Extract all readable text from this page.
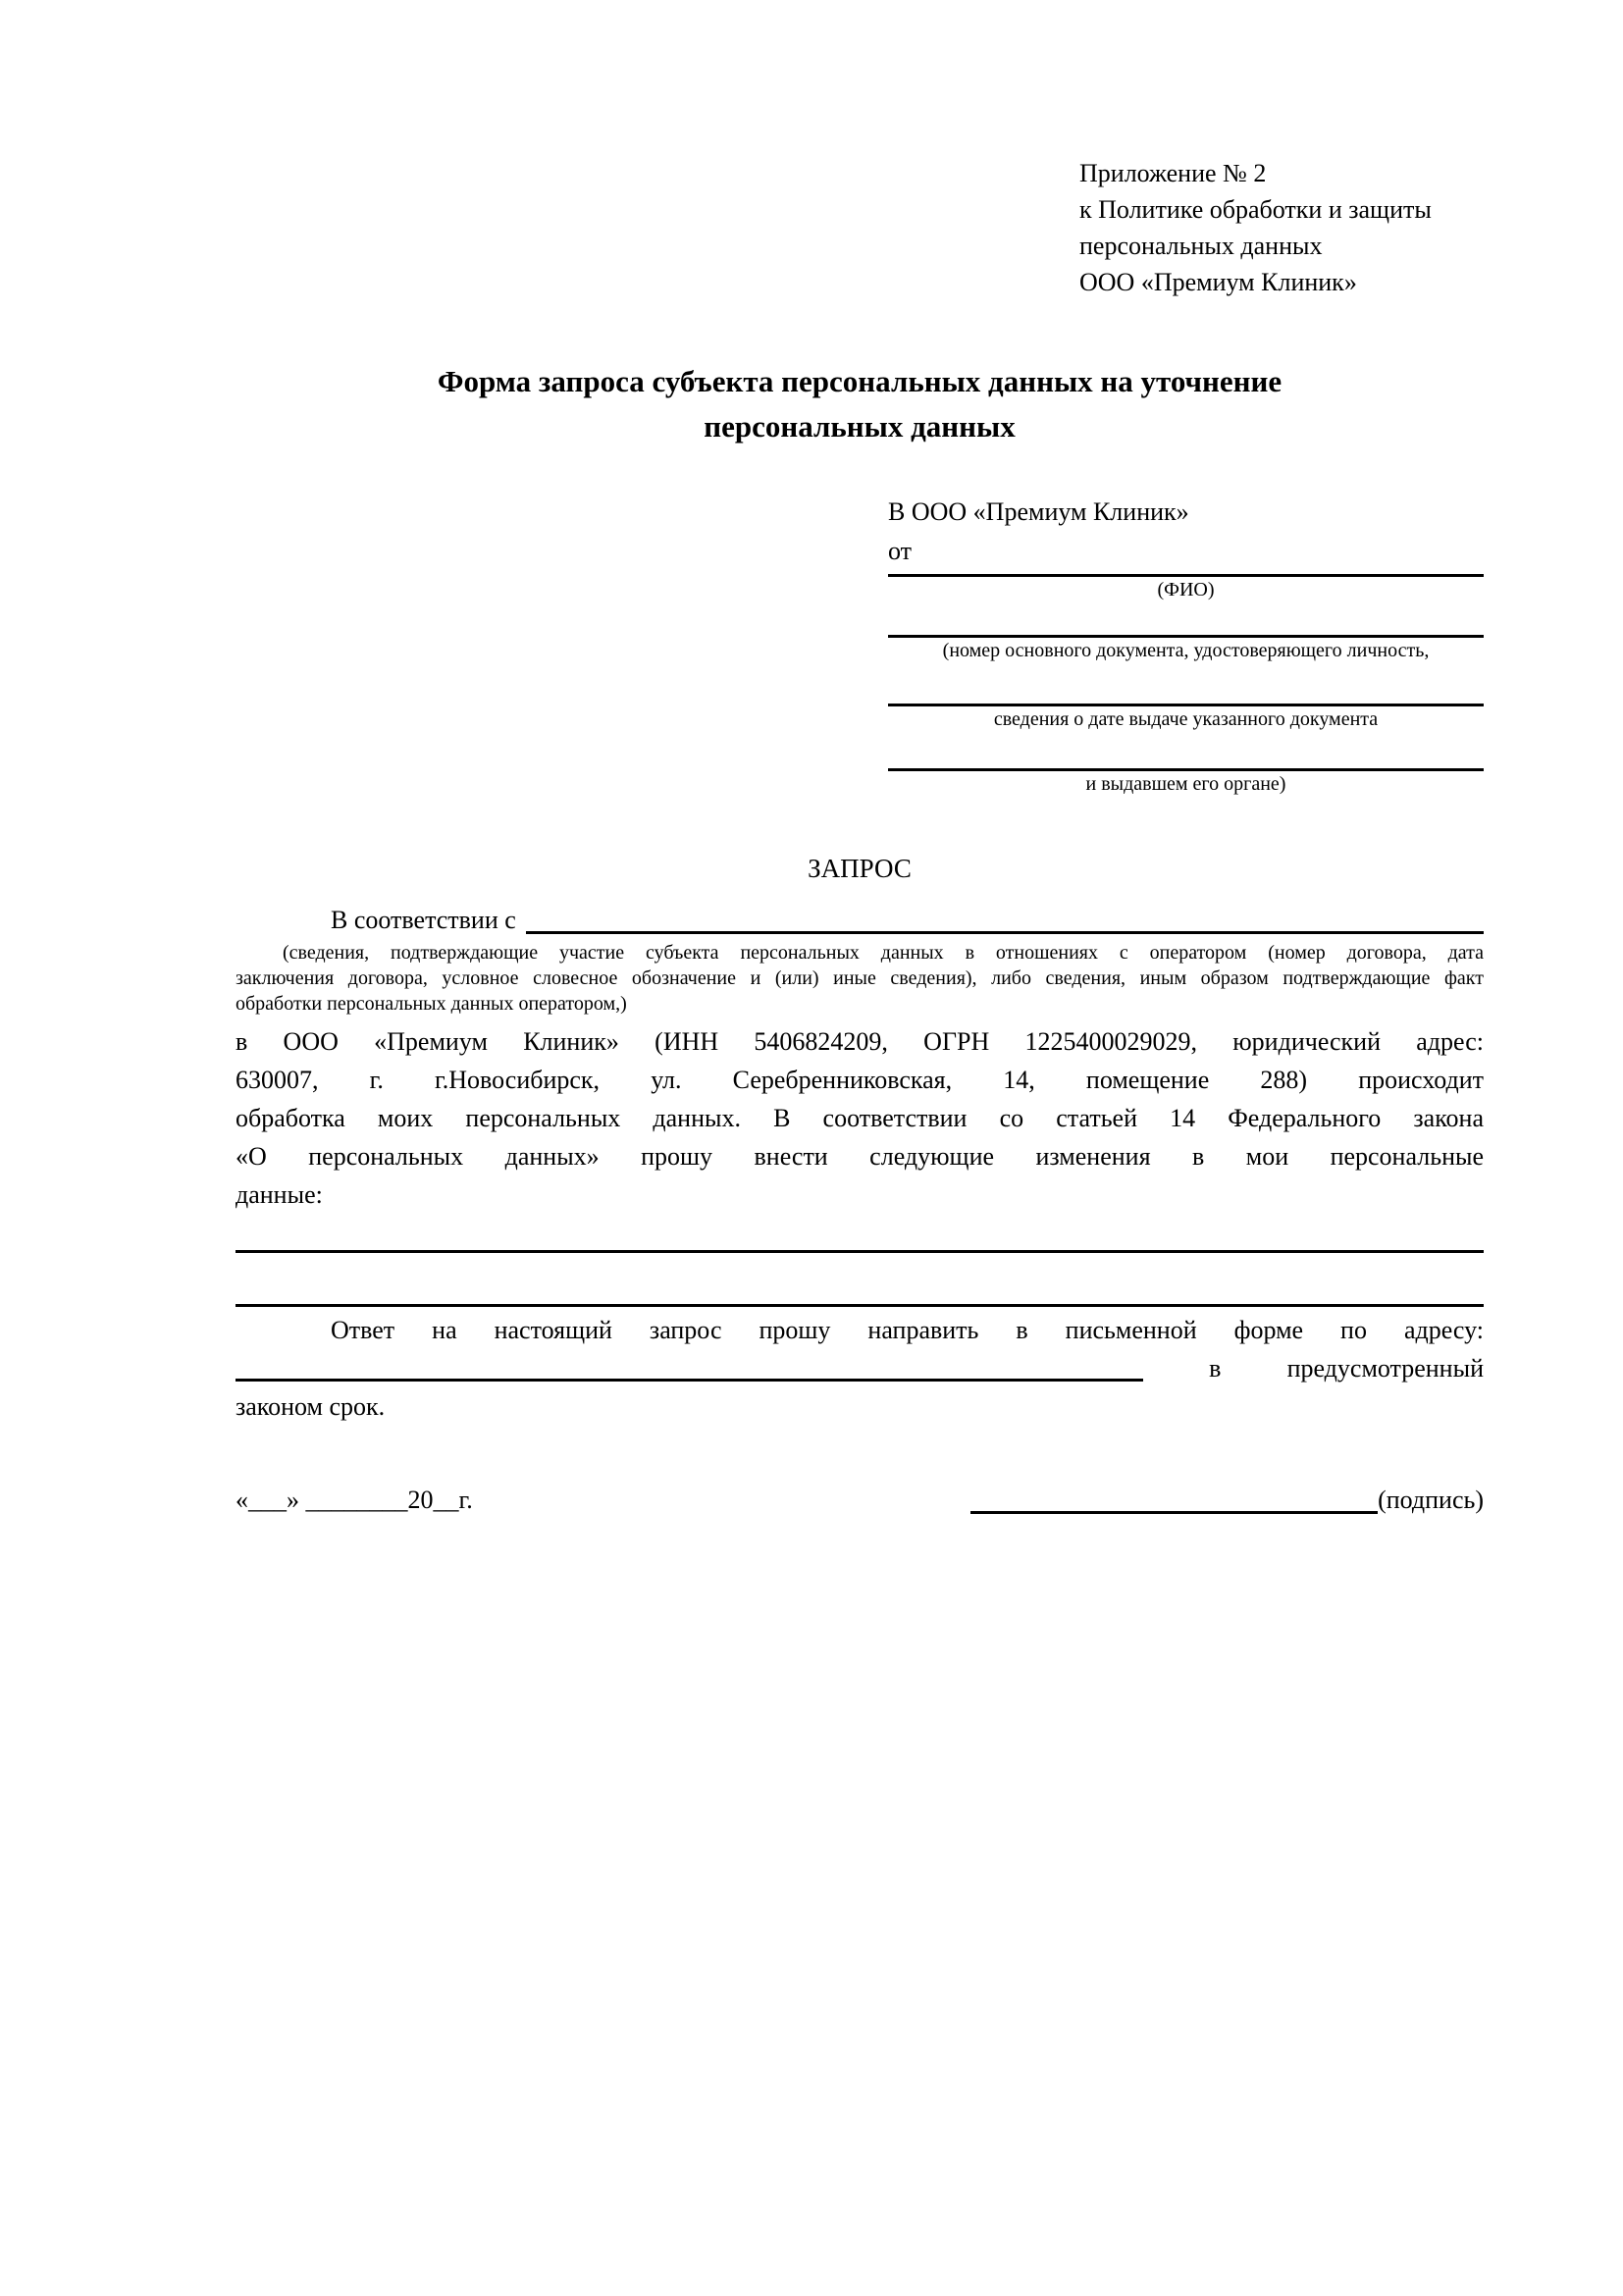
Приложение № 2
к Политике обработки и защиты
персональных данных
ООО «Премиум Клиник»
Форма запроса субъекта персональных данных на уточнение
персональных данных
В ООО «Премиум Клиник»
от
(ФИО)
(номер основного документа, удостоверяющего личность,
сведения о дате выдаче указанного документа
и выдавшем его органе)
ЗАПРОС
В соответствии с
(сведения, подтверждающие участие субъекта персональных данных в отношениях с оператором (номер договора, дата
заключения договора, условное словесное обозначение и (или) иные сведения), либо сведения, иным образом подтверждающие факт
обработки персональных данных оператором,)
в ООО «Премиум Клиник» (ИНН 5406824209, ОГРН 1225400029029, юридический адрес:
630007, г. г.Новосибирск, ул. Серебренниковская, 14, помещение 288) происходит
обработка моих персональных данных. В соответствии со статьей 14 Федерального закона
«О персональных данных» прошу внести следующие изменения в мои персональные
данные:
Ответ на настоящий запрос прошу направить в письменной форме по адресу:
в	предусмотренный
законом срок.
«___» ________20__г.	(подпись)
